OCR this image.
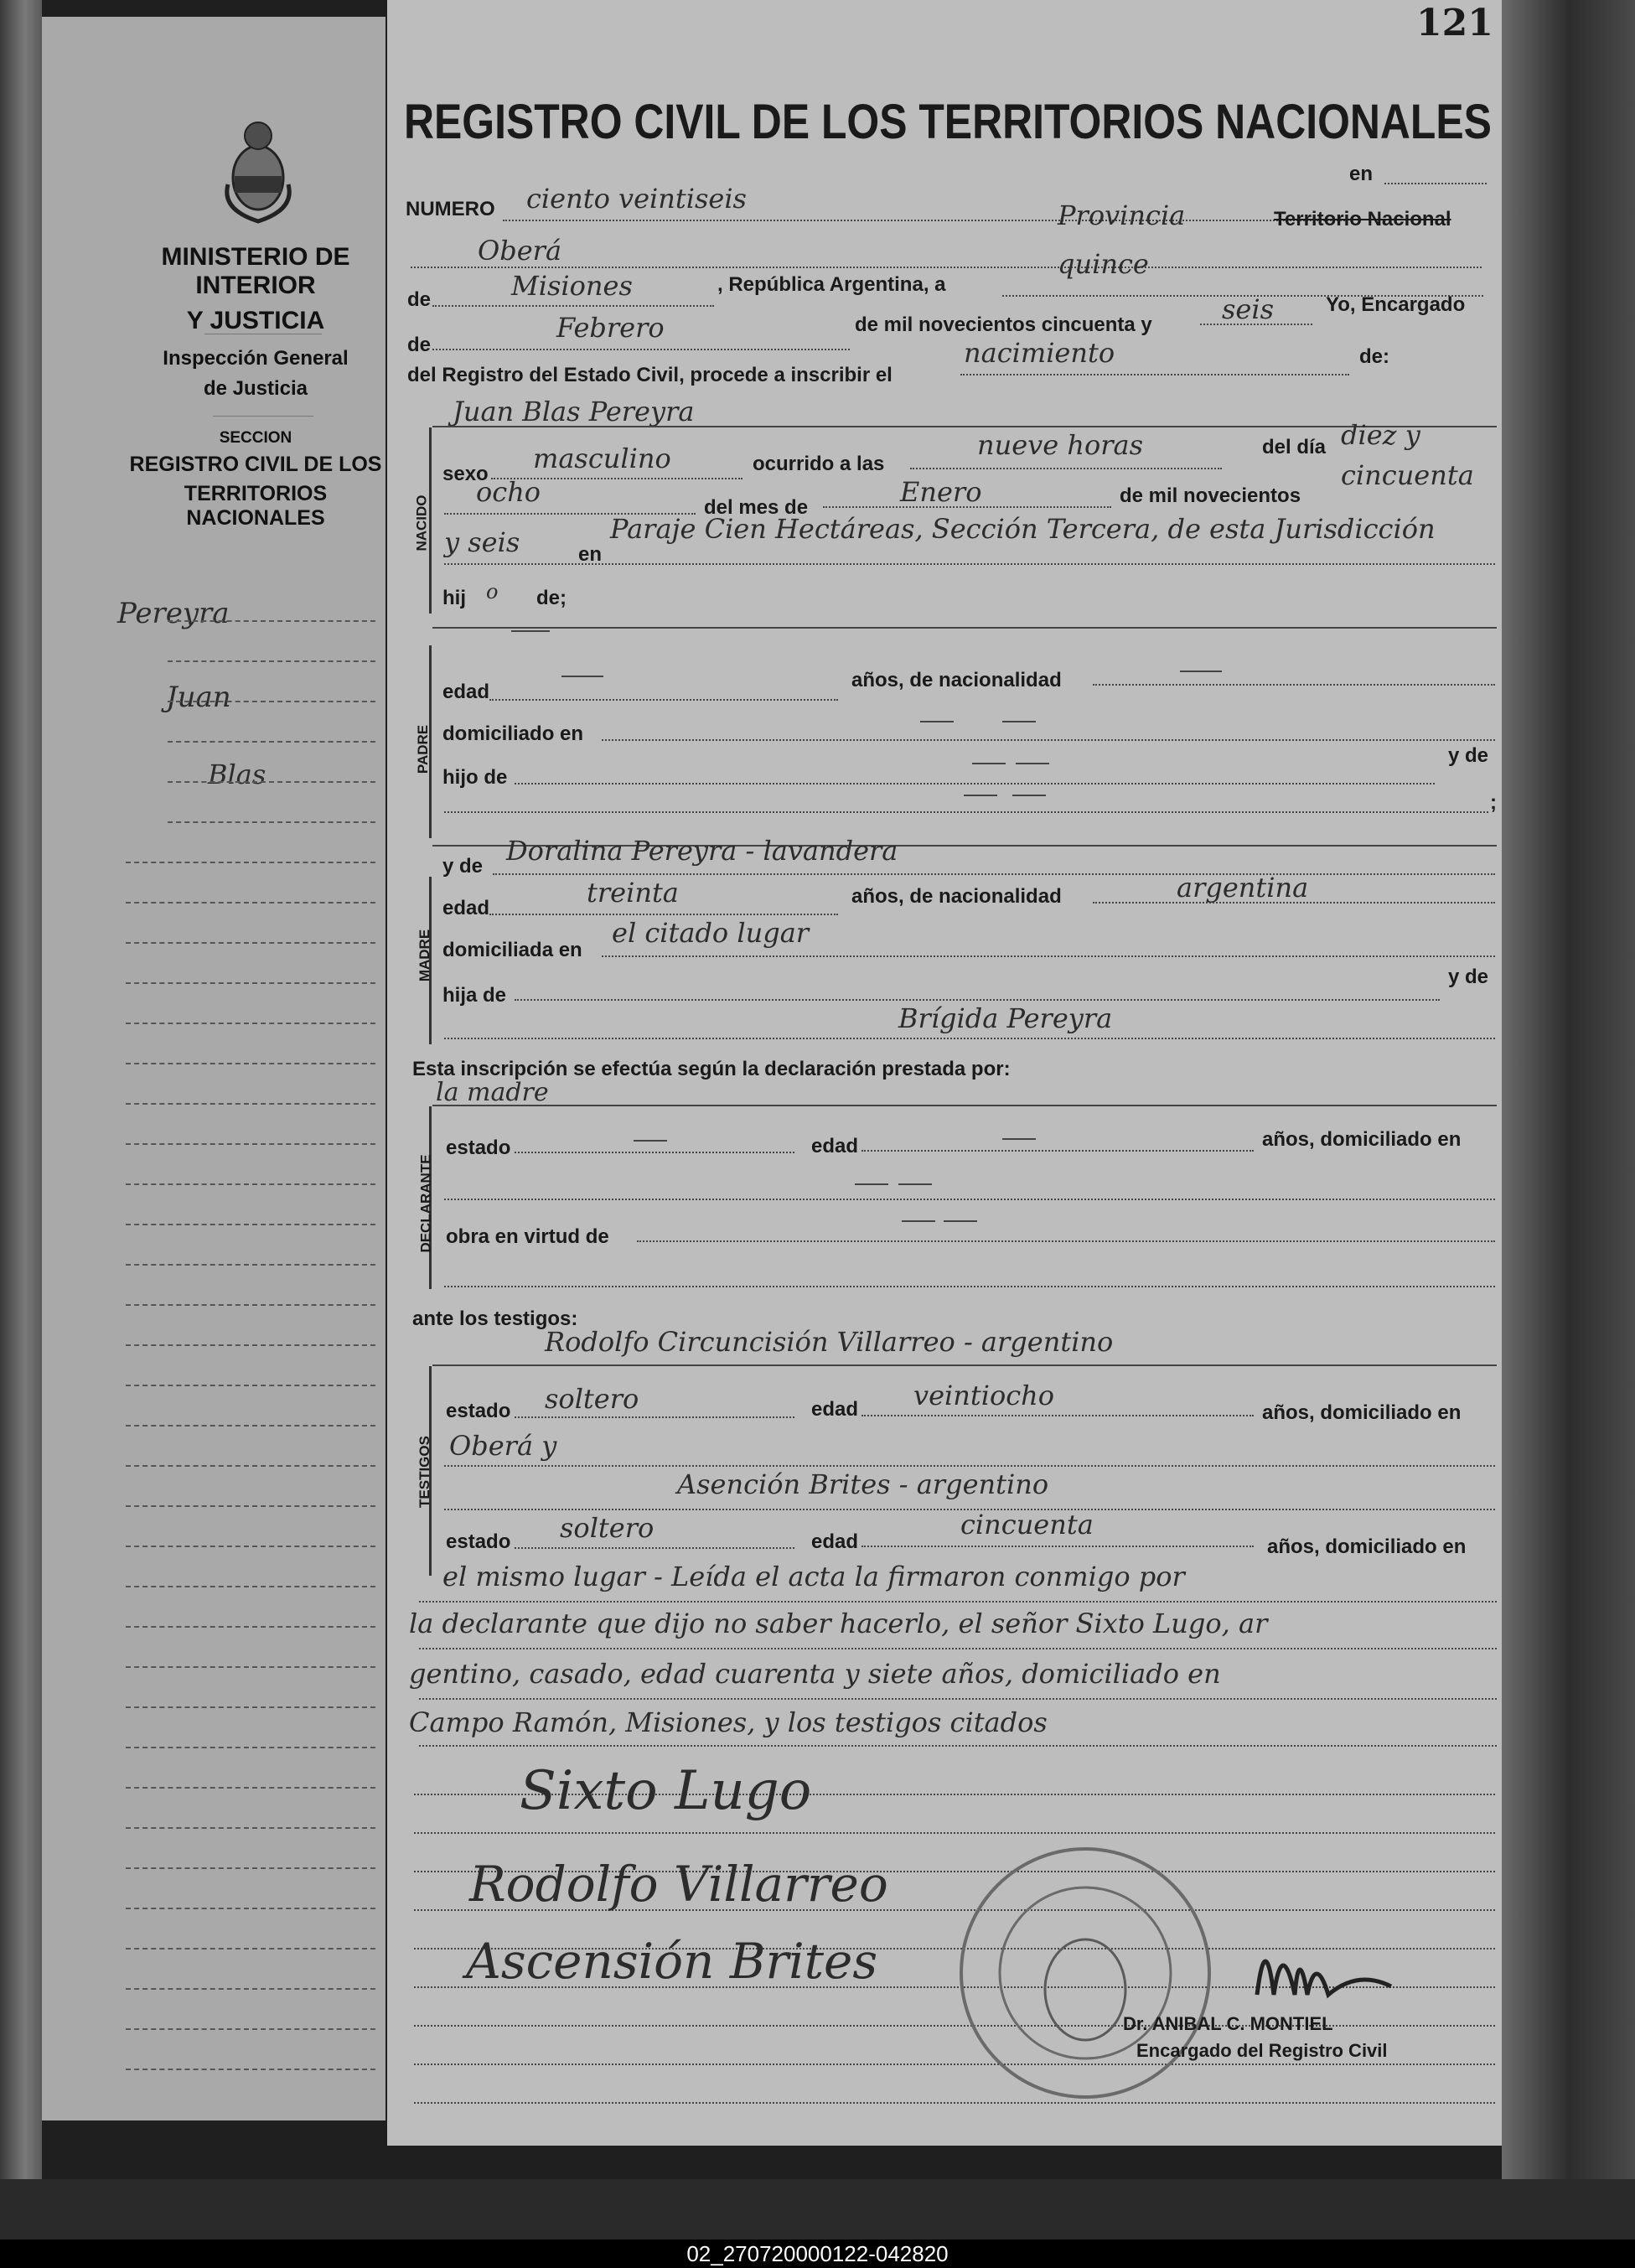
MINISTERIO DE INTERIOR
Y JUSTICIA
Inspección General
de Justicia
SECCION
REGISTRO CIVIL DE LOS
TERRITORIOS NACIONALES
Pereyra
Juan
Blas
121
REGISTRO CIVIL DE LOS TERRITORIOS NACIONALES
NUMERO ciento veintiseis
en
Oberá
Provincia	Territorio Nacional
de	Misiones	, República Argentina, a
quince
de
Febrero	de mil novecientos cincuenta y	seis	Yo, Encargado
del Registro del Estado Civil, procede a inscribir el
nacimiento	de:
Juan Blas Pereyra
NACIDO
sexo masculino	ocurrido a las
nueve horas	del día diez y
ocho	del mes de	Enero	de mil novecientos
cincuenta
y seis	en
Paraje Cien Hectáreas, Sección Tercera, de esta Jurisdicción
hij o de;
PADRE
edad
años, de nacionalidad
domiciliado en
hijo de
y de
;
y de Doralina Pereyra - lavandera
MADRE
edad	treinta	años, de nacionalidad	argentina
domiciliada en
el citado lugar
hija de
y de
Brígida Pereyra
Esta inscripción se efectúa según la declaración prestada por:
la madre
DECLARANTE
estado	edad	años, domiciliado en
obra en virtud de
ante los testigos:
Rodolfo Circuncisión Villarreo - argentino
TESTIGOS
estado soltero	edad veintiocho
años, domiciliado en
Oberá y
Asención Brites - argentino
estado soltero	edad
cincuenta
años, domiciliado en
el mismo lugar - Leída el acta la firmaron conmigo por
la declarante que dijo no saber hacerlo, el señor Sixto Lugo, ar
gentino, casado, edad cuarenta y siete años, domiciliado en
Campo Ramón, Misiones, y los testigos citados
Sixto Lugo
Rodolfo Villarreo
Ascensión Brites
Dr. ANIBAL C. MONTIEL
Encargado del Registro Civil
02_270720000122-042820
